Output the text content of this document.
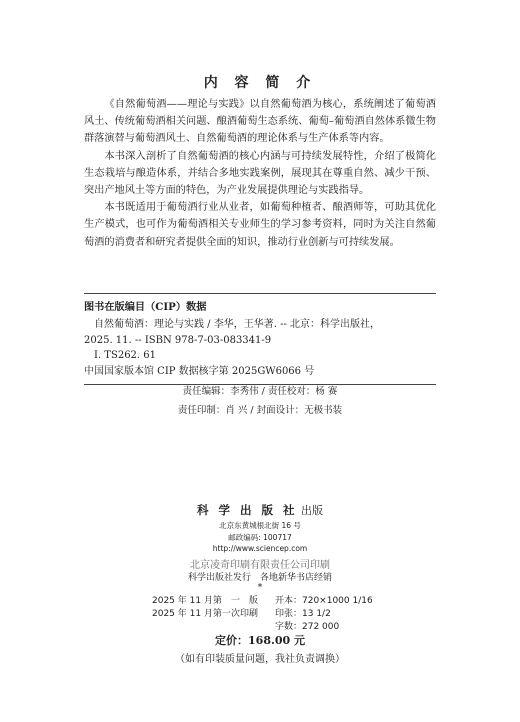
内 容 简 介

《自然葡萄酒——理论与实践》以自然葡萄酒为核心，系统阐述了葡萄酒风土、传统葡萄酒相关问题、酿酒葡萄生态系统、葡萄–葡萄酒自然体系微生物群落演替与葡萄酒风土、自然葡萄酒的理论体系与生产体系等内容。

本书深入剖析了自然葡萄酒的核心内涵与可持续发展特性，介绍了极简化生态栽培与酿造体系，并结合多地实践案例，展现其在尊重自然、减少干预、突出产地风土等方面的特色，为产业发展提供理论与实践指导。

本书既适用于葡萄酒行业从业者，如葡萄种植者、酿酒师等，可助其优化生产模式，也可作为葡萄酒相关专业师生的学习参考资料，同时为关注自然葡萄酒的消费者和研究者提供全面的知识，推动行业创新与可持续发展。

图书在版编目（CIP）数据
自然葡萄酒：理论与实践 / 李华，王华著. -- 北京：科学出版社，
2025. 11. -- ISBN 978-7-03-083341-9
Ⅰ. TS262. 61
中国国家版本馆 CIP 数据核字第 2025GW6066 号
责任编辑：李秀伟 / 责任校对：杨 赛
责任印制：肖 兴 / 封面设计：无极书装
科 学 出 版 社 出版
北京东黄城根北街 16 号
邮政编码: 100717
http://www.sciencep.com
北京凌奇印刷有限责任公司印刷
科学出版社发行　各地新华书店经销
*
2025 年 11 月第　一　版 开本：720×1000 1/16
2025 年 11 月第一次印刷 印张：13 1/2
字数：272 000
定价：168.00 元
（如有印装质量问题，我社负责调换）
